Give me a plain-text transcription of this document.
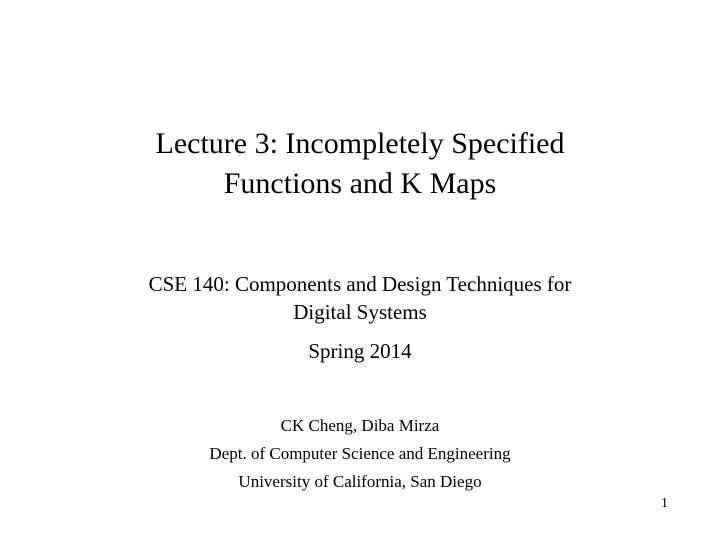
Lecture 3: Incompletely Specified
Functions and K Maps
CSE 140: Components and Design Techniques for
Digital Systems
Spring 2014
CK Cheng, Diba Mirza
Dept. of Computer Science and Engineering
University of California, San Diego
1
